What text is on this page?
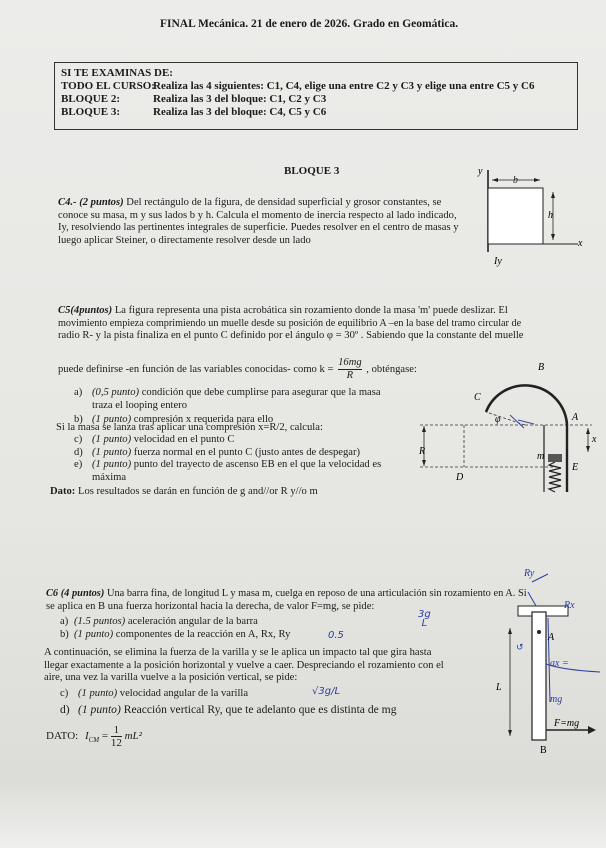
FINAL Mecánica. 21 de enero de 2026. Grado en Geomática.
SI TE EXAMINAS DE:
TODO EL CURSO:Realiza las 4 siguientes: C1, C4, elige una entre C2 y C3 y elige una entre C5 y C6
BLOQUE 2:	Realiza las 3 del bloque: C1, C2 y C3
BLOQUE 3:	Realiza las 3 del bloque: C4, C5 y C6
BLOQUE 3
C4.- (2 puntos) Del rectángulo de la figura, de densidad superficial y grosor constantes, se
conoce su masa, m y sus lados b y h. Calcula el momento de inercia respecto al lado indicado,
Iy, resolviendo las pertinentes integrales de superficie. Puedes resolver en el centro de masas y
luego aplicar Steiner, o directamente resolver desde un lado
y
b
h
x
Iy
C5(4puntos) La figura representa una pista acrobática sin rozamiento donde la masa 'm' puede deslizar. El
movimiento empieza comprimiendo un muelle desde su posición de equilibrio A –en la base del tramo circular de
radio R- y la pista finaliza en el punto C definido por el ángulo φ = 30º . Sabiendo que la constante del muelle
puede definirse -en función de las variables conocidas- como $k = \frac{16mg}{R}$ , obténgase:
a) (0,5 punto) condición que debe cumplirse para asegurar que la masa
traza el looping entero
b) (1 punto) compresión x requerida para ello
Si la masa se lanza tras aplicar una compresión x=R/2, calcula:
c) (1 punto) velocidad en el punto C
d) (1 punto) fuerza normal en el punto C (justo antes de despegar)
e) (1 punto) punto del trayecto de ascenso EB en el que la velocidad es
máxima
Dato: Los resultados se darán en función de g and//or R y//o m
B
C
φ	A
R
D
m
E
x
C6 (4 puntos) Una barra fina, de longitud L y masa m, cuelga en reposo de una articulación sin rozamiento en A. Si
se aplica en B una fuerza horizontal hacia la derecha, de valor F=mg, se pide:
a) (1.5 puntos) aceleración angular de la barra
b) (1 punto) componentes de la reacción en A, Rx, Ry
A continuación, se elimina la fuerza de la varilla y se le aplica un impacto tal que gira hasta
llegar exactamente a la posición horizontal y vuelve a caer. Despreciando el rozamiento con el
aire, una vez la varilla vuelve a la posición vertical, se pide:
c) (1 punto) velocidad angular de la varilla
d) (1 punto) Reacción vertical Ry, que te adelanto que es distinta de mg
DATO: $I_{CM} = \frac{1}{12} mL^2$
3g
L
0.5
√3g/L
A
L
B
F=mg
Ry
Rx
ax =
↺
mg
